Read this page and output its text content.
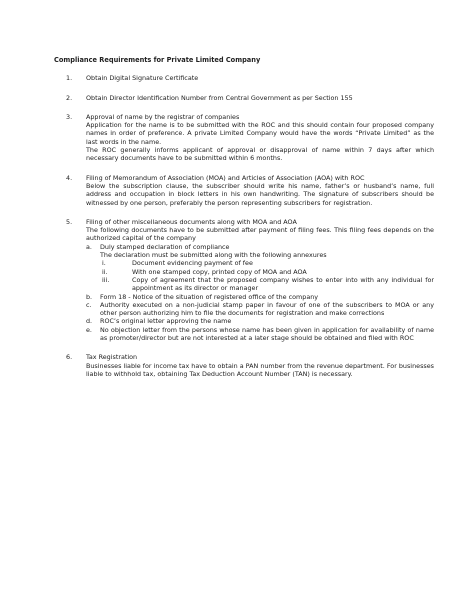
Compliance Requirements for Private Limited Company
1.	Obtain Digital Signature Certificate

2.	Obtain Director Identification Number from Central Government as per Section 155

3.	Approval of name by the registrar of companies

Application for the name is to be submitted with the ROC and this should contain four proposed company names in order of preference. A private Limited Company would have the words “Private Limited” as the last words in the name.

The ROC generally informs applicant of approval or disapproval of name within 7 days after which necessary documents have to be submitted within 6 months.

4.	Filing of Memorandum of Association (MOA) and Articles of Association (AOA) with ROC

Below the subscription clause, the subscriber should write his name, father’s or husband’s name, full address and occupation in block letters in his own handwriting. The signature of subscribers should be witnessed by one person, preferably the person representing subscribers for registration.

5.	Filing of other miscellaneous documents along with MOA and AOA

The following documents have to be submitted after payment of filing fees. This filing fees depends on the authorized capital of the company

a.	Duly stamped declaration of compliance

The declaration must be submitted along with the following annexures

i.	Document evidencing payment of fee
ii.	With one stamped copy, printed copy of MOA and AOA
iii.	Copy of agreement that the proposed company wishes to enter into with any individual for appointment as its director or manager
b.	Form 18 - Notice of the situation of registered office of the company
c.	Authority executed on a non-judicial stamp paper in favour of one of the subscribers to MOA or any other person authorizing him to file the documents for registration and make corrections
d.	ROC’s original letter approving the name
e.	No objection letter from the persons whose name has been given in application for availability of name as promoter/director but are not interested at a later stage should be obtained and filed with ROC
6.	Tax Registration

Businesses liable for income tax have to obtain a PAN number from the revenue department. For businesses liable to withhold tax, obtaining Tax Deduction Account Number (TAN) is necessary.
